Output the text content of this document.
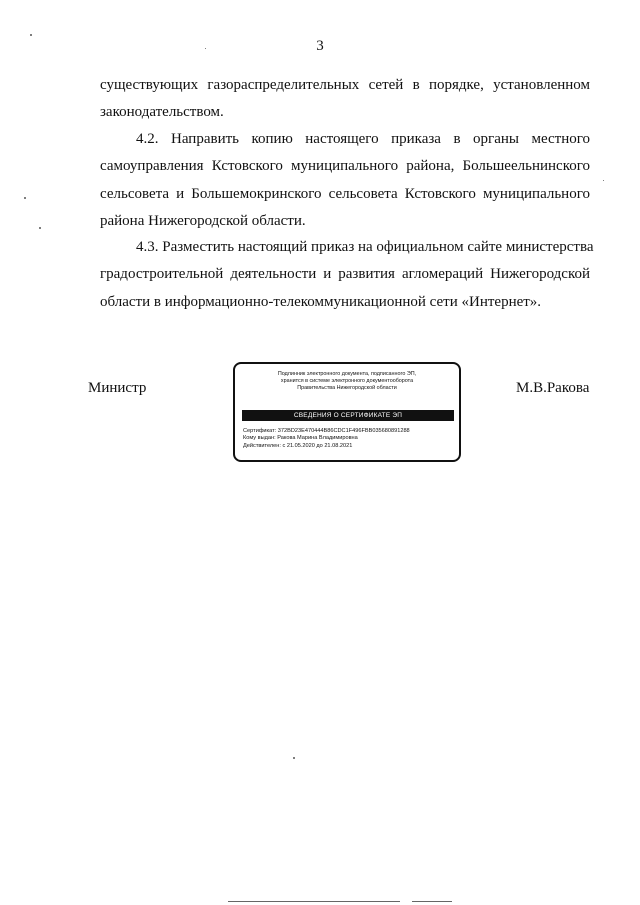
3

существующих газораспределительных сетей в порядке, установленном
законодательством.

4.2. Направить копию настоящего приказа в органы местного
самоуправления Кстовского муниципального района, Большеельнинского
сельсовета и Большемокринского сельсовета Кстовского муниципального
района Нижегородской области.

4.3. Разместить настоящий приказ на официальном сайте министерства
градостроительной деятельности и развития агломераций Нижегородской
области в информационно-телекоммуникационной сети «Интернет».

Министр	М.В.Ракова
Подлинник электронного документа, подписанного ЭП,
хранится в системе электронного документооборота
Правительства Нижегородской области
СВЕДЕНИЯ О СЕРТИФИКАТЕ ЭП
Сертификат: 372BD23E470444B86CDC1F496FBB035680891288
Кому выдан: Ракова Марина Владимировна
Действителен: с 21.05.2020 до 21.08.2021
